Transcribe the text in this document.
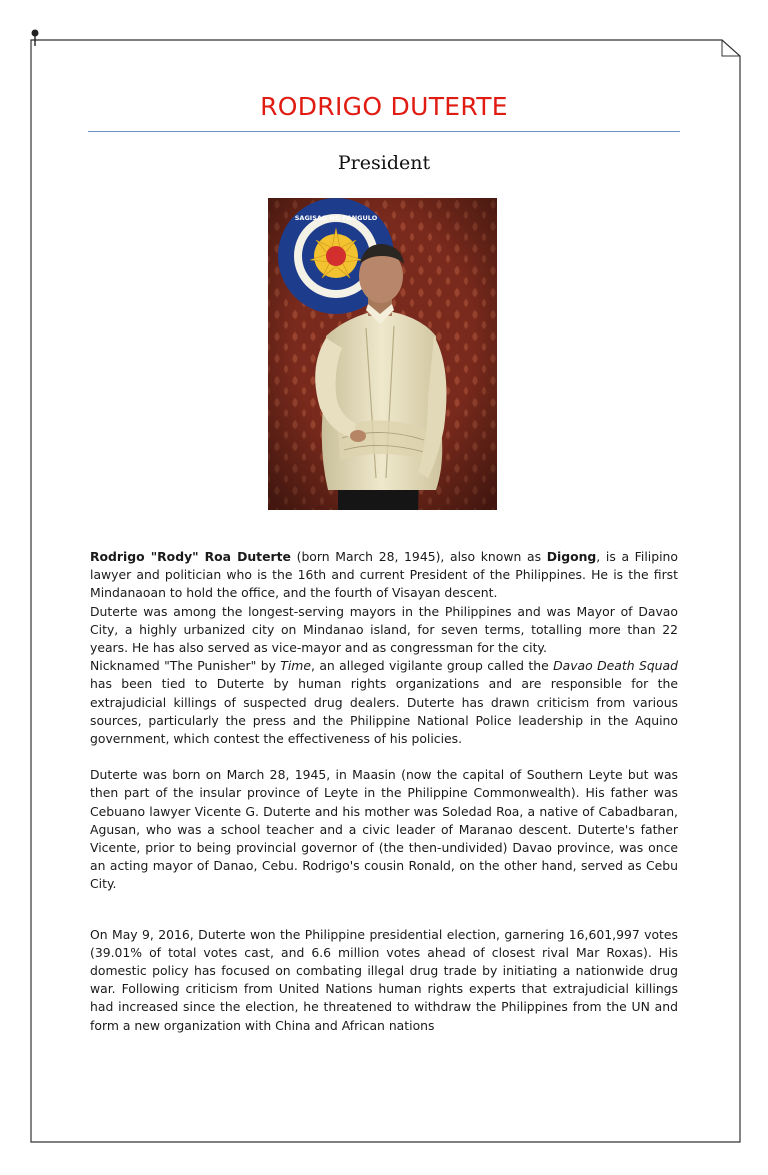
RODRIGO DUTERTE
President
SAGISAG NG PANGULO

Rodrigo "Rody" Roa Duterte (born March 28, 1945), also known as Digong, is a Filipino lawyer and politician who is the 16th and current President of the Philippines. He is the first Mindanaoan to hold the office, and the fourth of Visayan descent.

Duterte was among the longest-serving mayors in the Philippines and was Mayor of Davao City, a highly urbanized city on Mindanao island, for seven terms, totalling more than 22 years. He has also served as vice-mayor and as congressman for the city.

Nicknamed "The Punisher" by Time, an alleged vigilante group called the Davao Death Squad has been tied to Duterte by human rights organizations and are responsible for the extrajudicial killings of suspected drug dealers. Duterte has drawn criticism from various sources, particularly the press and the Philippine National Police leadership in the Aquino government, which contest the effectiveness of his policies.

Duterte was born on March 28, 1945, in Maasin (now the capital of Southern Leyte but was then part of the insular province of Leyte in the Philippine Commonwealth). His father was Cebuano lawyer Vicente G. Duterte and his mother was Soledad Roa, a native of Cabadbaran, Agusan, who was a school teacher and a civic leader of Maranao descent. Duterte's father Vicente, prior to being provincial governor of (the then-undivided) Davao province, was once an acting mayor of Danao, Cebu. Rodrigo's cousin Ronald, on the other hand, served as Cebu City.

On May 9, 2016, Duterte won the Philippine presidential election, garnering 16,601,997 votes (39.01% of total votes cast, and 6.6 million votes ahead of closest rival Mar Roxas). His domestic policy has focused on combating illegal drug trade by initiating a nationwide drug war. Following criticism from United Nations human rights experts that extrajudicial killings had increased since the election, he threatened to withdraw the Philippines from the UN and form a new organization with China and African nations
